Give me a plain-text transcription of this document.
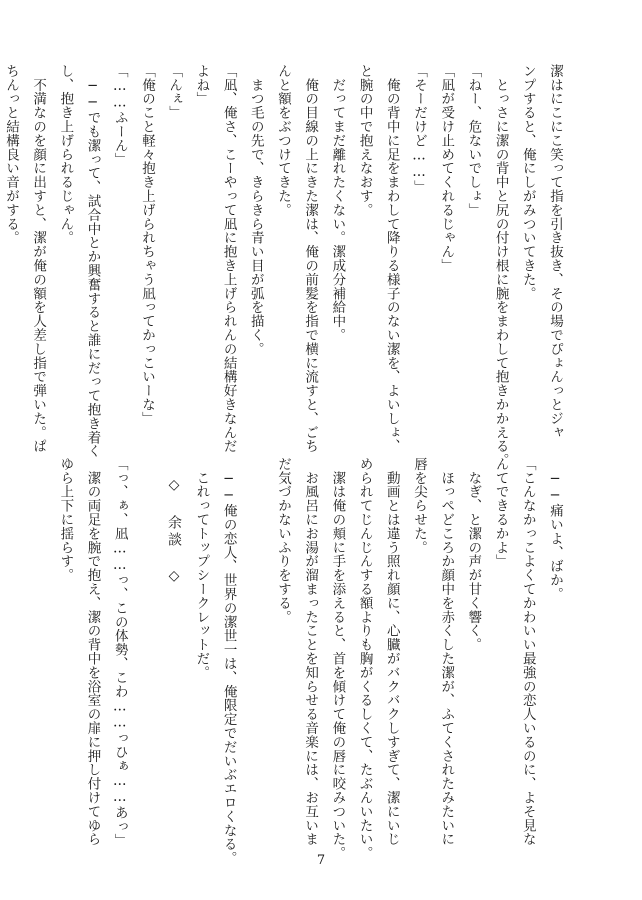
潔はにこにこ笑って指を引き抜き、その場でぴょんっとジャ
ンプすると、俺にしがみついてきた。
　とっさに潔の背中と尻の付け根に腕をまわして抱きかかえる。
「ねー、危ないでしょ」
「凪が受け止めてくれるじゃん」
「そーだけど……」
　俺の背中に足をまわして降りる様子のない潔を、よいしょ、
と腕の中で抱えなおす。
　だってまだ離れたくない。潔成分補給中。
　俺の目線の上にきた潔は、俺の前髪を指で横に流すと、ごち
んと額をぶつけてきた。
　まつ毛の先で、きらきら青い目が弧を描く。
「凪、俺さ、こーやって凪に抱き上げられんの結構好きなんだ
よね」
「んぇ」
「俺のこと軽々抱き上げられちゃう凪ってかっこいーな」
「……ふーん」
　──でも潔って、試合中とか興奮すると誰にだって抱き着く
し、抱き上げられるじゃん。
　不満なのを顔に出すと、潔が俺の額を人差し指で弾いた。ぱ
ちんっと結構良い音がする。
　──痛いよ、ばか。
「こんなかっこよくてかわいい最強の恋人いるのに、よそ見な
んてできるかよ」
　なぎ、と潔の声が甘く響く。
　ほっぺどころか顔中を赤くした潔が、ふてくされたみたいに
唇を尖らせた。
　動画とは違う照れ顔に、心臓がバクバクしすぎて、潔にいじ
められてじんじんする額よりも胸がくるしくて、たぶんいたい。
　潔は俺の頬に手を添えると、首を傾けて俺の唇に咬みついた。
　お風呂にお湯が溜まったことを知らせる音楽には、お互いま
だ気づかないふりをする。

　──俺の恋人、世界の潔世一は、俺限定でだいぶエロくなる。
　これってトップシークレットだ。

「っ、ぁ、凪……っ、この体勢、こわ……っひぁ……あっ」
　潔の両足を腕で抱え、潔の背中を浴室の扉に押し付けてゆら
ゆら上下に揺らす。	◇ 余談 ◇
7
